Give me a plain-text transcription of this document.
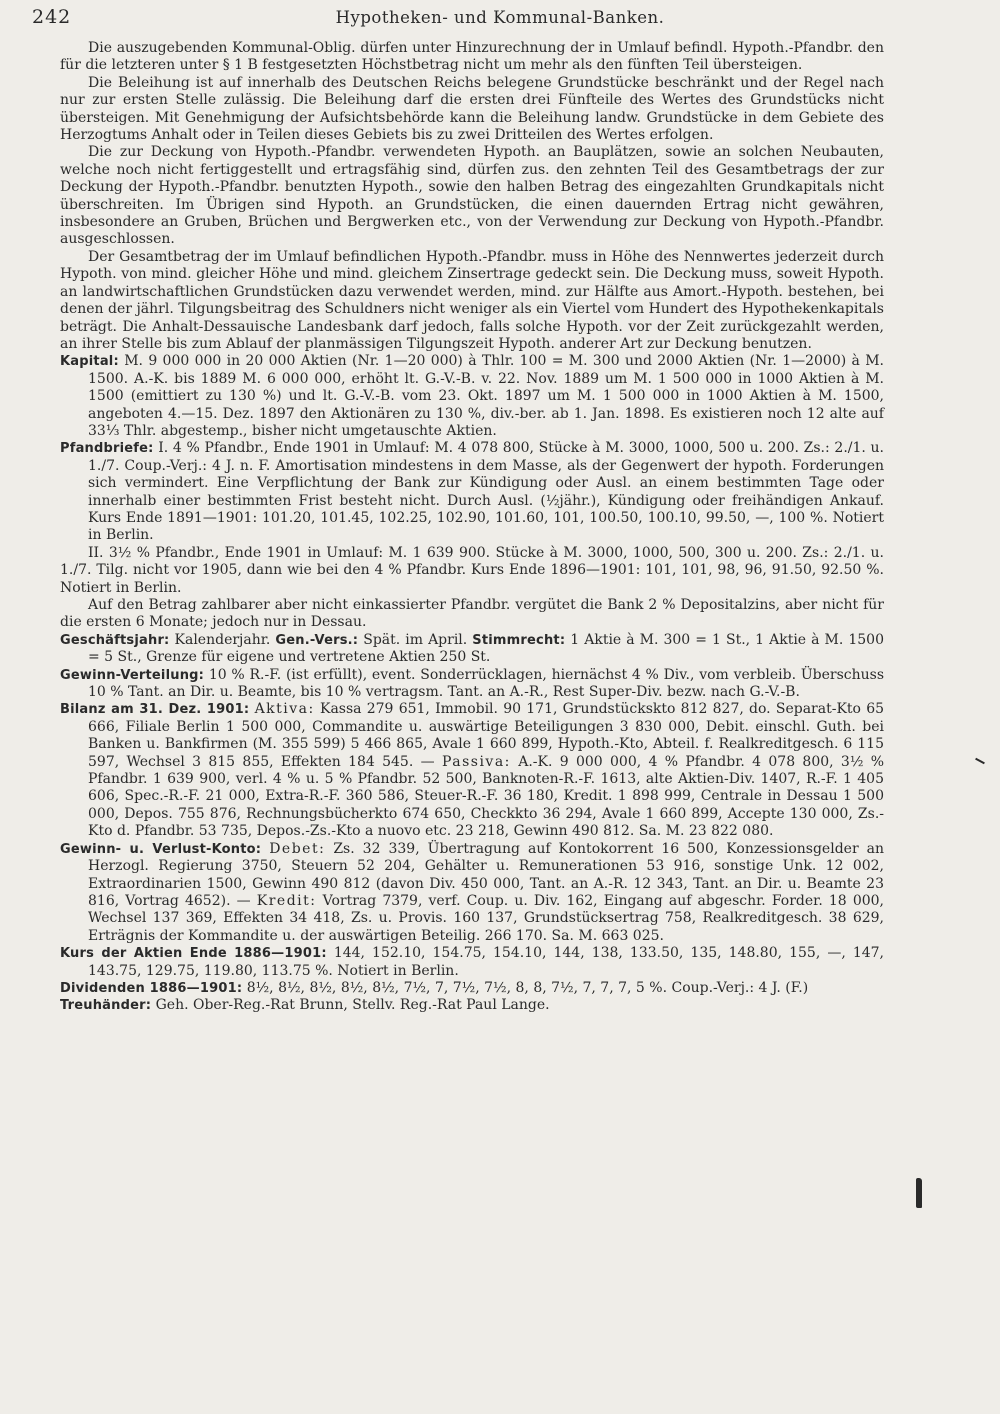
242	Hypotheken- und Kommunal-Banken.

Die auszugebenden Kommunal-Oblig. dürfen unter Hinzurechnung der in Umlauf befindl. Hypoth.-Pfandbr. den für die letzteren unter § 1 B festgesetzten Höchstbetrag nicht um mehr als den fünften Teil übersteigen.

Die Beleihung ist auf innerhalb des Deutschen Reichs belegene Grundstücke beschränkt und der Regel nach nur zur ersten Stelle zulässig. Die Beleihung darf die ersten drei Fünfteile des Wertes des Grundstücks nicht übersteigen. Mit Genehmigung der Aufsichtsbehörde kann die Beleihung landw. Grundstücke in dem Gebiete des Herzogtums Anhalt oder in Teilen dieses Gebiets bis zu zwei Dritteilen des Wertes erfolgen.

Die zur Deckung von Hypoth.-Pfandbr. verwendeten Hypoth. an Bauplätzen, sowie an solchen Neubauten, welche noch nicht fertiggestellt und ertragsfähig sind, dürfen zus. den zehnten Teil des Gesamtbetrags der zur Deckung der Hypoth.-Pfandbr. benutzten Hypoth., sowie den halben Betrag des eingezahlten Grundkapitals nicht überschreiten. Im Übrigen sind Hypoth. an Grundstücken, die einen dauernden Ertrag nicht gewähren, insbesondere an Gruben, Brüchen und Bergwerken etc., von der Verwendung zur Deckung von Hypoth.-Pfandbr. ausgeschlossen.

Der Gesamtbetrag der im Umlauf befindlichen Hypoth.-Pfandbr. muss in Höhe des Nennwertes jederzeit durch Hypoth. von mind. gleicher Höhe und mind. gleichem Zinsertrage gedeckt sein. Die Deckung muss, soweit Hypoth. an landwirtschaftlichen Grundstücken dazu verwendet werden, mind. zur Hälfte aus Amort.-Hypoth. bestehen, bei denen der jährl. Tilgungsbeitrag des Schuldners nicht weniger als ein Viertel vom Hundert des Hypothekenkapitals beträgt. Die Anhalt-Dessauische Landesbank darf jedoch, falls solche Hypoth. vor der Zeit zurückgezahlt werden, an ihrer Stelle bis zum Ablauf der planmässigen Tilgungszeit Hypoth. anderer Art zur Deckung benutzen.

Kapital: M. 9 000 000 in 20 000 Aktien (Nr. 1—20 000) à Thlr. 100 = M. 300 und 2000 Aktien (Nr. 1—2000) à M. 1500. A.-K. bis 1889 M. 6 000 000, erhöht lt. G.-V.-B. v. 22. Nov. 1889 um M. 1 500 000 in 1000 Aktien à M. 1500 (emittiert zu 130 %) und lt. G.-V.-B. vom 23. Okt. 1897 um M. 1 500 000 in 1000 Aktien à M. 1500, angeboten 4.—15. Dez. 1897 den Aktionären zu 130 %, div.-ber. ab 1. Jan. 1898. Es existieren noch 12 alte auf 33⅓ Thlr. abgestemp., bisher nicht umgetauschte Aktien.

Pfandbriefe: I. 4 % Pfandbr., Ende 1901 in Umlauf: M. 4 078 800, Stücke à M. 3000, 1000, 500 u. 200. Zs.: 2./1. u. 1./7. Coup.-Verj.: 4 J. n. F. Amortisation mindestens in dem Masse, als der Gegenwert der hypoth. Forderungen sich vermindert. Eine Verpflichtung der Bank zur Kündigung oder Ausl. an einem bestimmten Tage oder innerhalb einer bestimmten Frist besteht nicht. Durch Ausl. (½jähr.), Kündigung oder freihändigen Ankauf. Kurs Ende 1891—1901: 101.20, 101.45, 102.25, 102.90, 101.60, 101, 100.50, 100.10, 99.50, —, 100 %. Notiert in Berlin.

II. 3½ % Pfandbr., Ende 1901 in Umlauf: M. 1 639 900. Stücke à M. 3000, 1000, 500, 300 u. 200. Zs.: 2./1. u. 1./7. Tilg. nicht vor 1905, dann wie bei den 4 % Pfandbr. Kurs Ende 1896—1901: 101, 101, 98, 96, 91.50, 92.50 %. Notiert in Berlin.

Auf den Betrag zahlbarer aber nicht einkassierter Pfandbr. vergütet die Bank 2 % Depositalzins, aber nicht für die ersten 6 Monate; jedoch nur in Dessau.

Geschäftsjahr: Kalenderjahr. Gen.-Vers.: Spät. im April. Stimmrecht: 1 Aktie à M. 300 = 1 St., 1 Aktie à M. 1500 = 5 St., Grenze für eigene und vertretene Aktien 250 St.

Gewinn-Verteilung: 10 % R.-F. (ist erfüllt), event. Sonderrücklagen, hiernächst 4 % Div., vom verbleib. Überschuss 10 % Tant. an Dir. u. Beamte, bis 10 % vertragsm. Tant. an A.-R., Rest Super-Div. bezw. nach G.-V.-B.

Bilanz am 31. Dez. 1901: Aktiva: Kassa 279 651, Immobil. 90 171, Grundstückskto 812 827, do. Separat-Kto 65 666, Filiale Berlin 1 500 000, Commandite u. auswärtige Beteiligungen 3 830 000, Debit. einschl. Guth. bei Banken u. Bankfirmen (M. 355 599) 5 466 865, Avale 1 660 899, Hypoth.-Kto, Abteil. f. Realkreditgesch. 6 115 597, Wechsel 3 815 855, Effekten 184 545. — Passiva: A.-K. 9 000 000, 4 % Pfandbr. 4 078 800, 3½ % Pfandbr. 1 639 900, verl. 4 % u. 5 % Pfandbr. 52 500, Banknoten-R.-F. 1613, alte Aktien-Div. 1407, R.-F. 1 405 606, Spec.-R.-F. 21 000, Extra-R.-F. 360 586, Steuer-R.-F. 36 180, Kredit. 1 898 999, Centrale in Dessau 1 500 000, Depos. 755 876, Rechnungsbücherkto 674 650, Checkkto 36 294, Avale 1 660 899, Accepte 130 000, Zs.-Kto d. Pfandbr. 53 735, Depos.-Zs.-Kto a nuovo etc. 23 218, Gewinn 490 812. Sa. M. 23 822 080.

Gewinn- u. Verlust-Konto: Debet: Zs. 32 339, Übertragung auf Kontokorrent 16 500, Konzessionsgelder an Herzogl. Regierung 3750, Steuern 52 204, Gehälter u. Remunerationen 53 916, sonstige Unk. 12 002, Extraordinarien 1500, Gewinn 490 812 (davon Div. 450 000, Tant. an A.-R. 12 343, Tant. an Dir. u. Beamte 23 816, Vortrag 4652). — Kredit: Vortrag 7379, verf. Coup. u. Div. 162, Eingang auf abgeschr. Forder. 18 000, Wechsel 137 369, Effekten 34 418, Zs. u. Provis. 160 137, Grundstücksertrag 758, Realkreditgesch. 38 629, Erträgnis der Kommandite u. der auswärtigen Beteilig. 266 170. Sa. M. 663 025.

Kurs der Aktien Ende 1886—1901: 144, 152.10, 154.75, 154.10, 144, 138, 133.50, 135, 148.80, 155, —, 147, 143.75, 129.75, 119.80, 113.75 %. Notiert in Berlin.

Dividenden 1886—1901: 8½, 8½, 8½, 8½, 8½, 7½, 7, 7½, 7½, 8, 8, 7½, 7, 7, 7, 5 %. Coup.-Verj.: 4 J. (F.)

Treuhänder: Geh. Ober-Reg.-Rat Brunn, Stellv. Reg.-Rat Paul Lange.
